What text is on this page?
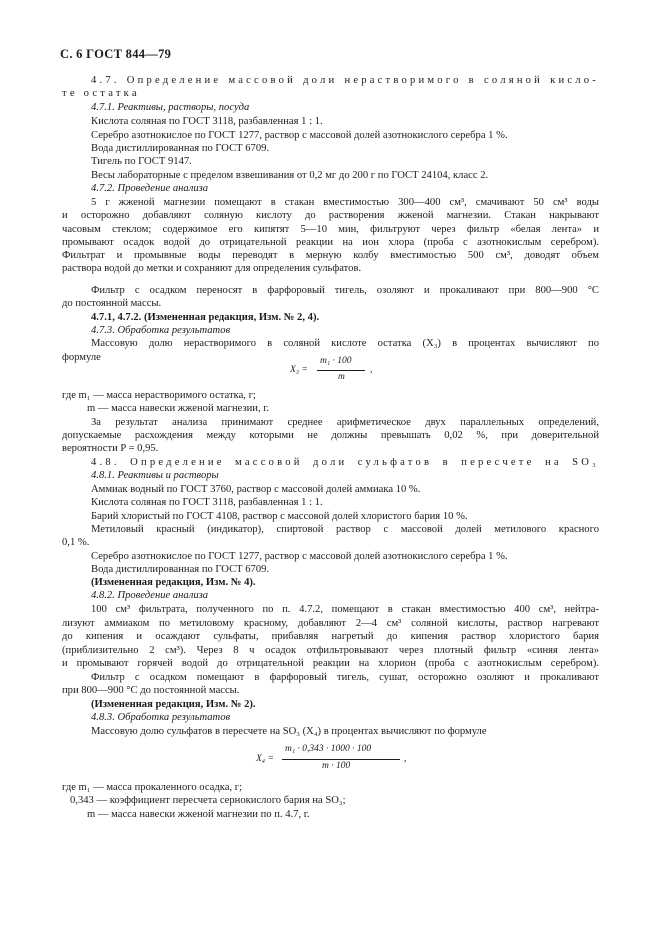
С. 6 ГОСТ 844—79
4.7. Определение массовой доли нерастворимого в соляной кисло-
те остатка
4.7.1. Реактивы, растворы, посуда
Кислота соляная по ГОСТ 3118, разбавленная 1 : 1.
Серебро азотнокислое по ГОСТ 1277, раствор с массовой долей азотнокислого серебра 1 %.
Вода дистиллированная по ГОСТ 6709.
Тигель по ГОСТ 9147.
Весы лабораторные с пределом взвешивания от 0,2 мг до 200 г по ГОСТ 24104, класс 2.
4.7.2. Проведение анализа
5 г жженой магнезии помещают в стакан вместимостью 300—400 см³, смачивают 50 см³ воды
и осторожно добавляют соляную кислоту до растворения жженой магнезии. Стакан накрывают
часовым стеклом; содержимое его кипятят 5—10 мин, фильтруют через фильтр «белая лента» и
промывают осадок водой до отрицательной реакции на ион хлора (проба с азотнокислым серебром).
Фильтрат и промывные воды переводят в мерную колбу вместимостью 500 см³, доводят объем
раствора водой до метки и сохраняют для определения сульфатов.
Фильтр с осадком переносят в фарфоровый тигель, озоляют и прокаливают при 800—900 °С
до постоянной массы.
4.7.1, 4.7.2. (Измененная редакция, Изм. № 2, 4).
4.7.3. Обработка результатов
Массовую долю нерастворимого в соляной кислоте остатка (X₃) в процентах вычисляют по
формуле
X₃ =
m₁ · 100
m
,
где m₁ — масса нерастворимого остатка, г;
m — масса навески жженой магнезии, г.
За результат анализа принимают среднее арифметическое двух параллельных определений,
допускаемые расхождения между которыми не должны превышать 0,02 %, при доверительной
вероятности P = 0,95.
4.8. Определение массовой доли сульфатов в пересчете на SO₃
4.8.1. Реактивы и растворы
Аммиак водный по ГОСТ 3760, раствор с массовой долей аммиака 10 %.
Кислота соляная по ГОСТ 3118, разбавленная 1 : 1.
Барий хлористый по ГОСТ 4108, раствор с массовой долей хлористого бария 10 %.
Метиловый красный (индикатор), спиртовой раствор с массовой долей метилового красного
0,1 %.
Серебро азотнокислое по ГОСТ 1277, раствор с массовой долей азотнокислого серебра 1 %.
Вода дистиллированная по ГОСТ 6709.
(Измененная редакция, Изм. № 4).
4.8.2. Проведение анализа
100 см³ фильтрата, полученного по п. 4.7.2, помещают в стакан вместимостью 400 см³, нейтра-
лизуют аммиаком по метиловому красному, добавляют 2—4 см³ соляной кислоты, раствор нагревают
до кипения и осаждают сульфаты, прибавляя нагретый до кипения раствор хлористого бария
(приблизительно 2 см³). Через 8 ч осадок отфильтровывают через плотный фильтр «синяя лента»
и промывают горячей водой до отрицательной реакции на хлорион (проба с азотнокислым серебром).
Фильтр с осадком помещают в фарфоровый тигель, сушат, осторожно озоляют и прокаливают
при 800—900 °С до постоянной массы.
(Измененная редакция, Изм. № 2).
4.8.3. Обработка результатов
Массовую долю сульфатов в пересчете на SO₃ (X₄) в процентах вычисляют по формуле
X₄ =
m₁ · 0,343 · 1000 · 100
m · 100
,
где m₁ — масса прокаленного осадка, г;
0,343 — коэффициент пересчета сернокислого бария на SO₃;
m — масса навески жженой магнезии по п. 4.7, г.
